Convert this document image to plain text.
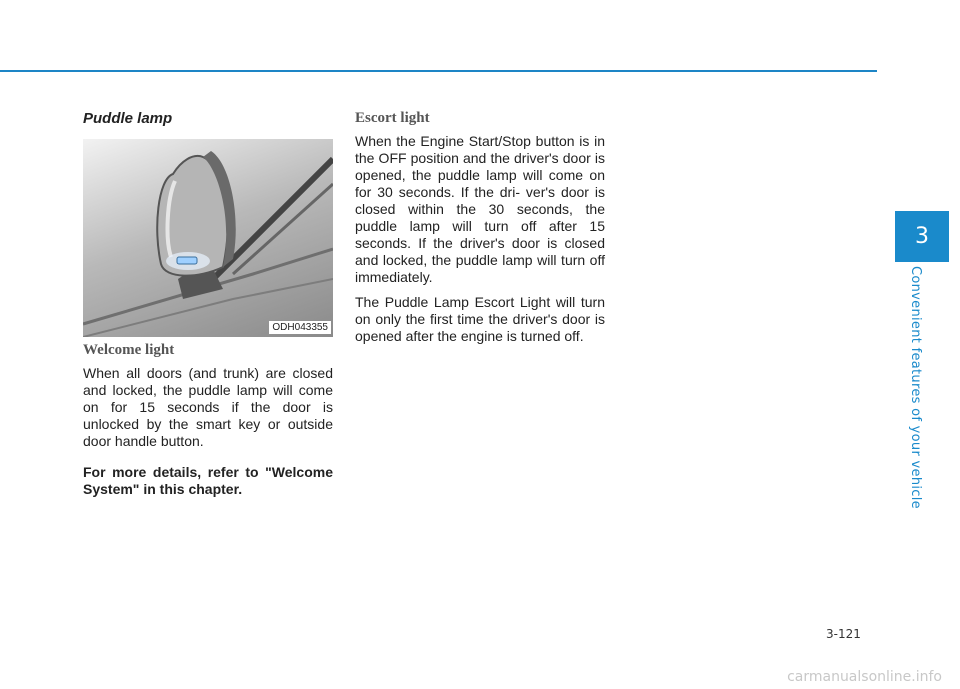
Puddle lamp
ODH043355
Welcome light

When all doors (and trunk) are closed and locked, the puddle lamp will come on for 15 seconds if the door is unlocked by the smart key or outside door handle button.

For more details, refer to "Welcome System" in this chapter.

Escort light

When the Engine Start/Stop button is in the OFF position and the driver's door is opened, the puddle lamp will come on for 30 seconds. If the dri- ver's door is closed within the 30 seconds, the puddle lamp will turn off after 15 seconds. If the driver's door is closed and locked, the puddle lamp will turn off immediately.

The Puddle Lamp Escort Light will turn on only the first time the driver's door is opened after the engine is turned off.

3
Convenient features of your vehicle
3-121
carmanualsonline.info
